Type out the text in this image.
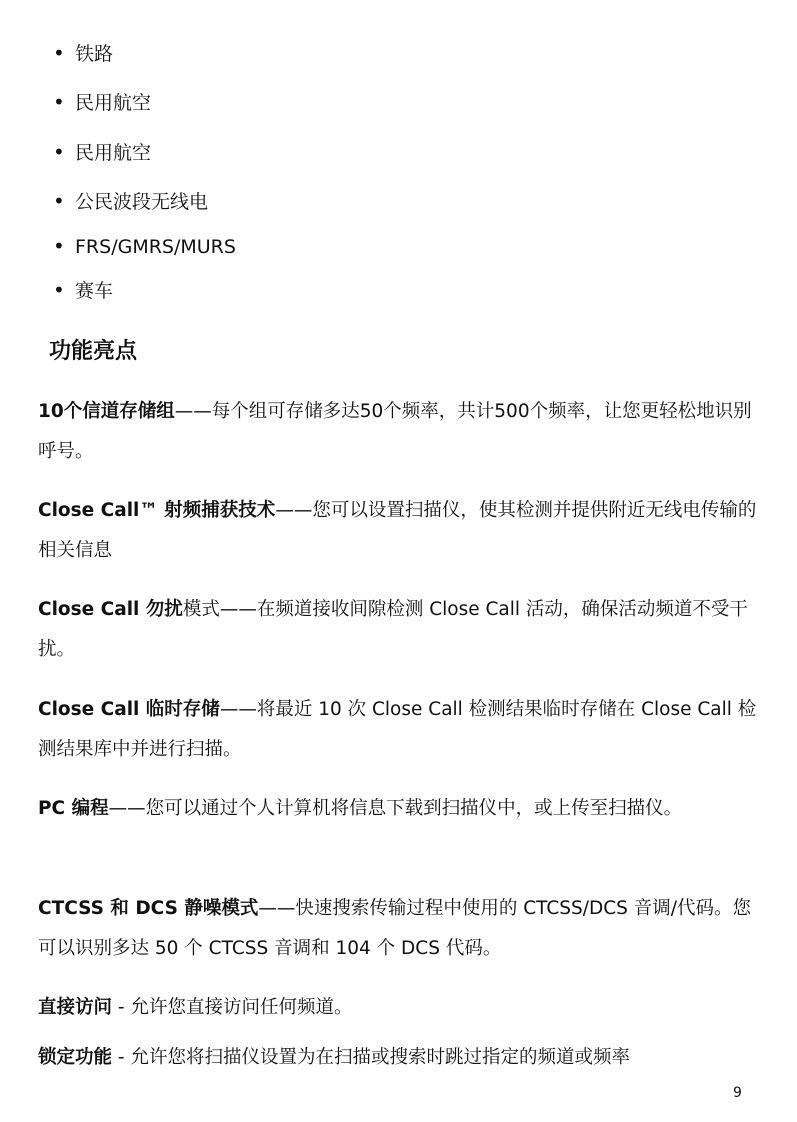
• 铁路
• 民用航空
• 民用航空
• 公民波段无线电
• FRS/GMRS/MURS
• 赛车
功能亮点

10个信道存储组——每个组可存储多达50个频率，共计500个频率，让您更轻松地识别呼号。

Close Call™ 射频捕获技术——您可以设置扫描仪，使其检测并提供附近无线电传输的相关信息

Close Call 勿扰模式——在频道接收间隙检测 Close Call 活动，确保活动频道不受干扰。

Close Call 临时存储——将最近 10 次 Close Call 检测结果临时存储在 Close Call 检测结果库中并进行扫描。

PC 编程——您可以通过个人计算机将信息下载到扫描仪中，或上传至扫描仪。

CTCSS 和 DCS 静噪模式——快速搜索传输过程中使用的 CTCSS/DCS 音调/代码。您可以识别多达 50 个 CTCSS 音调和 104 个 DCS 代码。

直接访问 - 允许您直接访问任何频道。

锁定功能 - 允许您将扫描仪设置为在扫描或搜索时跳过指定的频道或频率

9
